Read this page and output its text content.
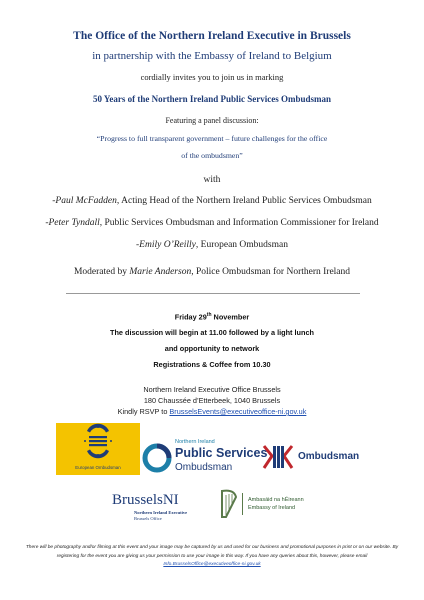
The Office of the Northern Ireland Executive in Brussels

in partnership with the Embassy of Ireland to Belgium

cordially invites you to join us in marking

50 Years of the Northern Ireland Public Services Ombudsman

Featuring a panel discussion:

“Progress to full transparent government – future challenges for the office

of the ombudsmen”

with

-Paul McFadden, Acting Head of the Northern Ireland Public Services Ombudsman

-Peter Tyndall, Public Services Ombudsman and Information Commissioner for Ireland

-Emily O’Reilly, European Ombudsman

Moderated by Marie Anderson, Police Ombudsman for Northern Ireland

Friday 29th November

The discussion will begin at 11.00 followed by a light lunch

and opportunity to network

Registrations & Coffee from 10.30

Northern Ireland Executive Office Brussels

180 Chaussée d’Etterbeek, 1040 Brussels

Kindly RSVP to BrusselsEvents@executiveoffice-ni.gov.uk

European Ombudsman
Northern Ireland
Public Services
Ombudsman
Ombudsman
BrusselsNI
Northern Ireland Executive
Brussels Office
Ambasáid na hÉireann
Embassy of Ireland

There will be photography and/or filming at this event and your image may be captured by us and used for our business and promotional purposes in print or on our website. By registering for the event you are giving us your permission to use your image in this way. If you have any queries about this, however, please email Info.BrusselsOffice@executiveoffice-ni.gov.uk
